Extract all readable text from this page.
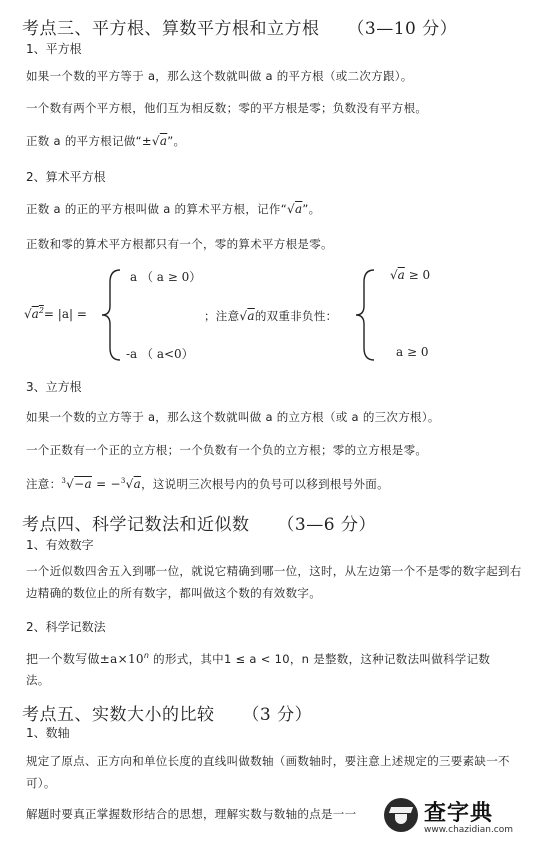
考点三、平方根、算数平方根和立方根 （3—10 分）
1、平方根
如果一个数的平方等于 a，那么这个数就叫做 a 的平方根（或二次方跟）。
一个数有两个平方根，他们互为相反数；零的平方根是零；负数没有平方根。
正数 a 的平方根记做“±√a”。
2、算术平方根
正数 a 的正的平方根叫做 a 的算术平方根，记作“√a”。
正数和零的算术平方根都只有一个，零的算术平方根是零。
$√a^2= |a|$ =
a （ a ≥ 0）
-a （ a<0）
；注意√a的双重非负性：
√a ≥ 0
a ≥ 0
3、立方根
如果一个数的立方等于 a，那么这个数就叫做 a 的立方根（或 a 的三次方根）。
一个正数有一个正的立方根；一个负数有一个负的立方根；零的立方根是零。
注意：$^3$√−a = −$^3$√a，这说明三次根号内的负号可以移到根号外面。
考点四、科学记数法和近似数 （3—6 分）
1、有效数字
一个近似数四舍五入到哪一位，就说它精确到哪一位，这时，从左边第一个不是零的数字起到右边精确的数位止的所有数字，都叫做这个数的有效数字。
2、科学记数法
把一个数写做$\pm a\times 10^n$ 的形式，其中1 ≤ a < 10，n 是整数，这种记数法叫做科学记数
法。
考点五、实数大小的比较 （3 分）
1、数轴
规定了原点、正方向和单位长度的直线叫做数轴（画数轴时，要注意上述规定的三要素缺一不可）。
解题时要真正掌握数形结合的思想，理解实数与数轴的点是一一	查字典
www.chazidian.com
